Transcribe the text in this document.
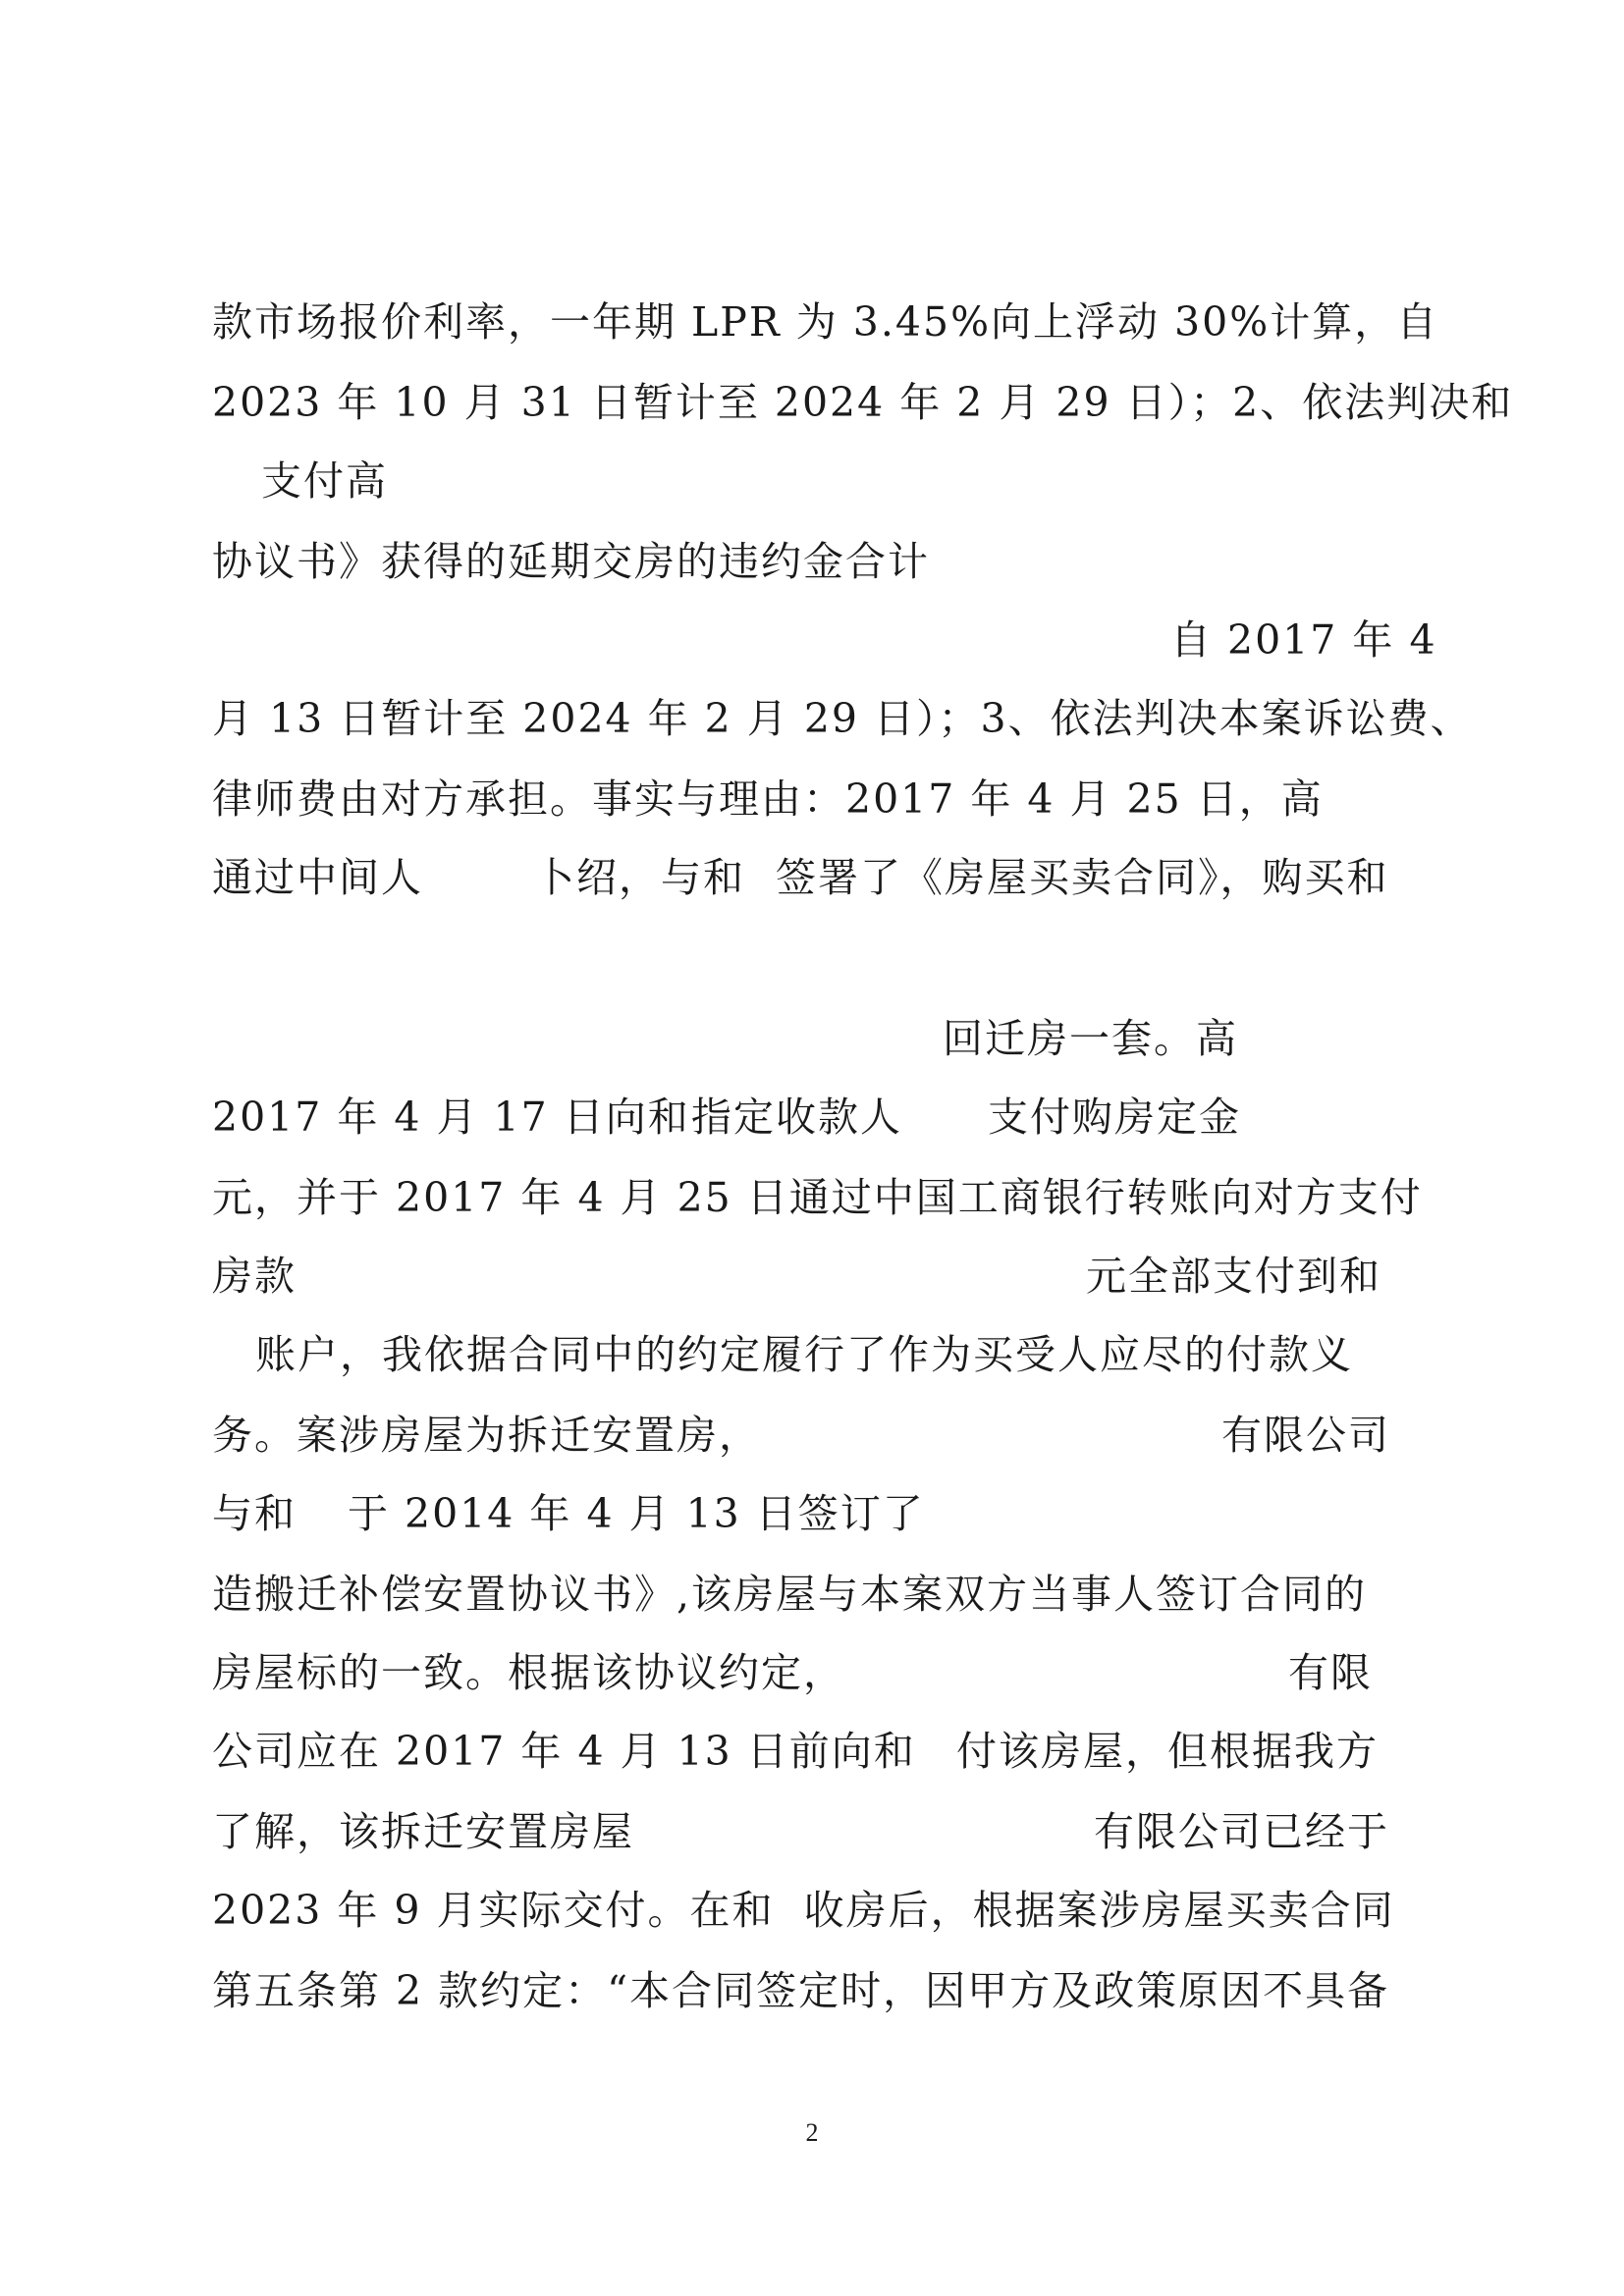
款市场报价利率，一年期 LPR 为 3.45%向上浮动 30%计算，自
2023 年 10 月 31 日暂计至 2024 年 2 月 29 日）；2、依法判决和
支付高
协议书》获得的延期交房的违约金合计
自 2017 年 4
月 13 日暂计至 2024 年 2 月 29 日）；3、依法判决本案诉讼费、
律师费由对方承担。事实与理由：2017 年 4 月 25 日，高

通过中间人

	卜绍，与和

签署了《房屋买卖合同》，购买和

回迁房一套。高

2017 年 4 月 17 日向和

指定收款人

支付购房定金

元，并于 2017 年 4 月 25 日通过中国工商银行转账向对方支付

房款

	元全部支付到和

账户，我依据合同中的约定履行了作为买受人应尽的付款义

务。案涉房屋为拆迁安置房，

	有限公司

与和

于 2014 年 4 月 13 日签订了

造搬迁补偿安置协议书》,该房屋与本案双方当事人签订合同的

房屋标的一致。根据该协议约定，

	有限

公司应在 2017 年 4 月 13 日前向和

付该房屋，但根据我方

了解，该拆迁安置房屋

	有限公司已经于

2023 年 9 月实际交付。在和  收房后，根据案涉房屋买卖合同
第五条第 2 款约定：“本合同签定时，因甲方及政策原因不具备
2
